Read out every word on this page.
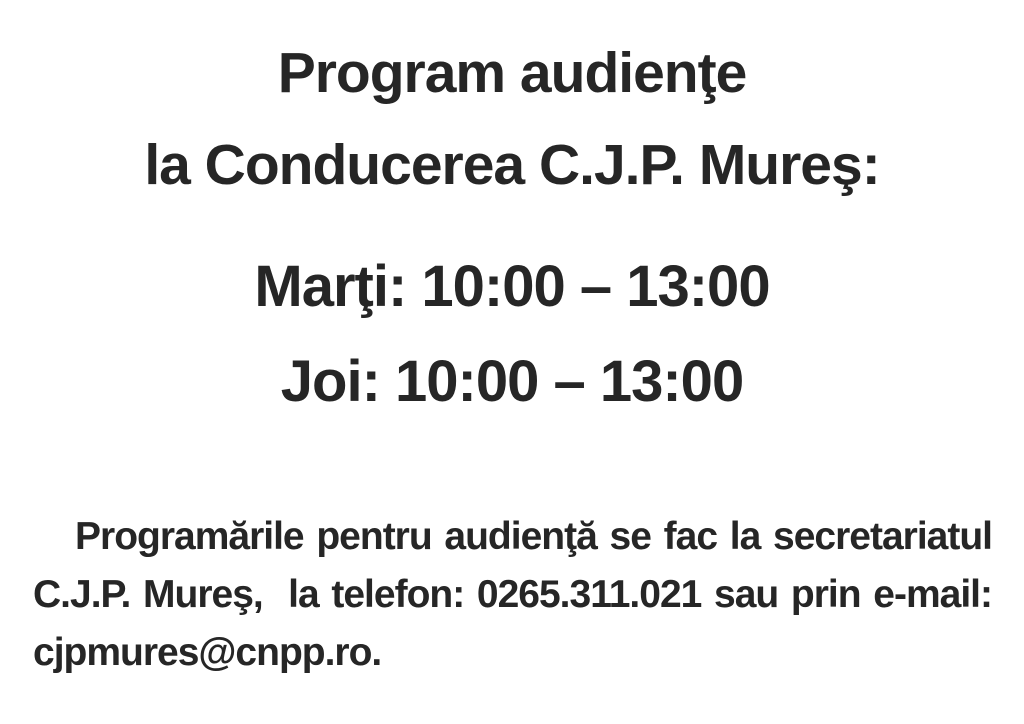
Program audienţe
la Conducerea C.J.P. Mureş:
Marţi: 10:00 – 13:00
Joi: 10:00 – 13:00
Programările pentru audienţă se fac la secretariatul
C.J.P. Mureş,  la telefon: 0265.311.021 sau prin e-mail:
cjpmures@cnpp.ro.
